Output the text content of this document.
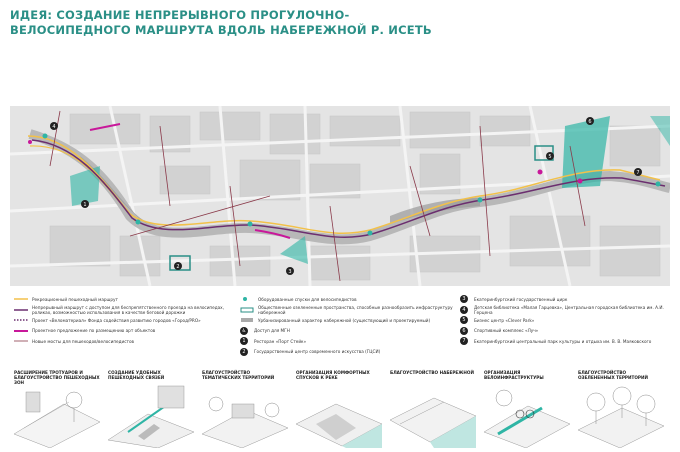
ИДЕЯ: СОЗДАНИЕ НЕПРЕРЫВНОГО ПРОГУЛОЧНО-ВЕЛОСИПЕДНОГО МАРШРУТА ВДОЛЬ НАБЕРЕЖНОЙ Р. ИСЕТЬ
1
2
3
4
5
6
7
Рекреационный пешеходный маршрут
Непрерывный маршрут с доступом для беспрепятственного проезда на велосипедах, роликах, возможностью использования в качестве беговой дорожки
Проект «Веломатериал» Фонда содействия развитию городов «Город/PRO»
Проектное предложение по размещению арт объектов
Новые мосты для пешеходов/велосипедистов
Оборудованные спуски для велосипедистов
Общественные озелененные пространства, способные разнообразить инфраструктуру набережной
Урбанизированный характер набережной (существующий и проектируемый)
♿	Доступ для МГН
1	Ресторан «Порт Стейк»
2	Государственный центр современного искусства (ГЦСИ)
3	Екатеринбургский государственный цирк
4	Детская библиотека «Малая Гарцевка», Центральная городская библиотека им. А.И. Герцена
5	Бизнес центр «Clever Park»
6	Спортивный комплекс «Луч»
7	Екатеринбургский центральный парк культуры и отдыха им. В. В. Маяковского
РАСШИРЕНИЕ ТРОТУАРОВ И БЛАГОУСТРОЙСТВО ПЕШЕХОДНЫХ ЗОН
СОЗДАНИЕ УДОБНЫХ ПЕШЕХОДНЫХ СВЯЗЕЙ
БЛАГОУСТРОЙСТВО ТЕМАТИЧЕСКИХ ТЕРРИТОРИЙ
ОРГАНИЗАЦИЯ КОМФОРТНЫХ СПУСКОВ К РЕКЕ
БЛАГОУСТРОЙСТВО НАБЕРЕЖНОЙ	ОРГАНИЗАЦИЯ ВЕЛОИНФРАСТРУКТУРЫ
БЛАГОУСТРОЙСТВО ОЗЕЛЕНЕННЫХ ТЕРРИТОРИЙ
